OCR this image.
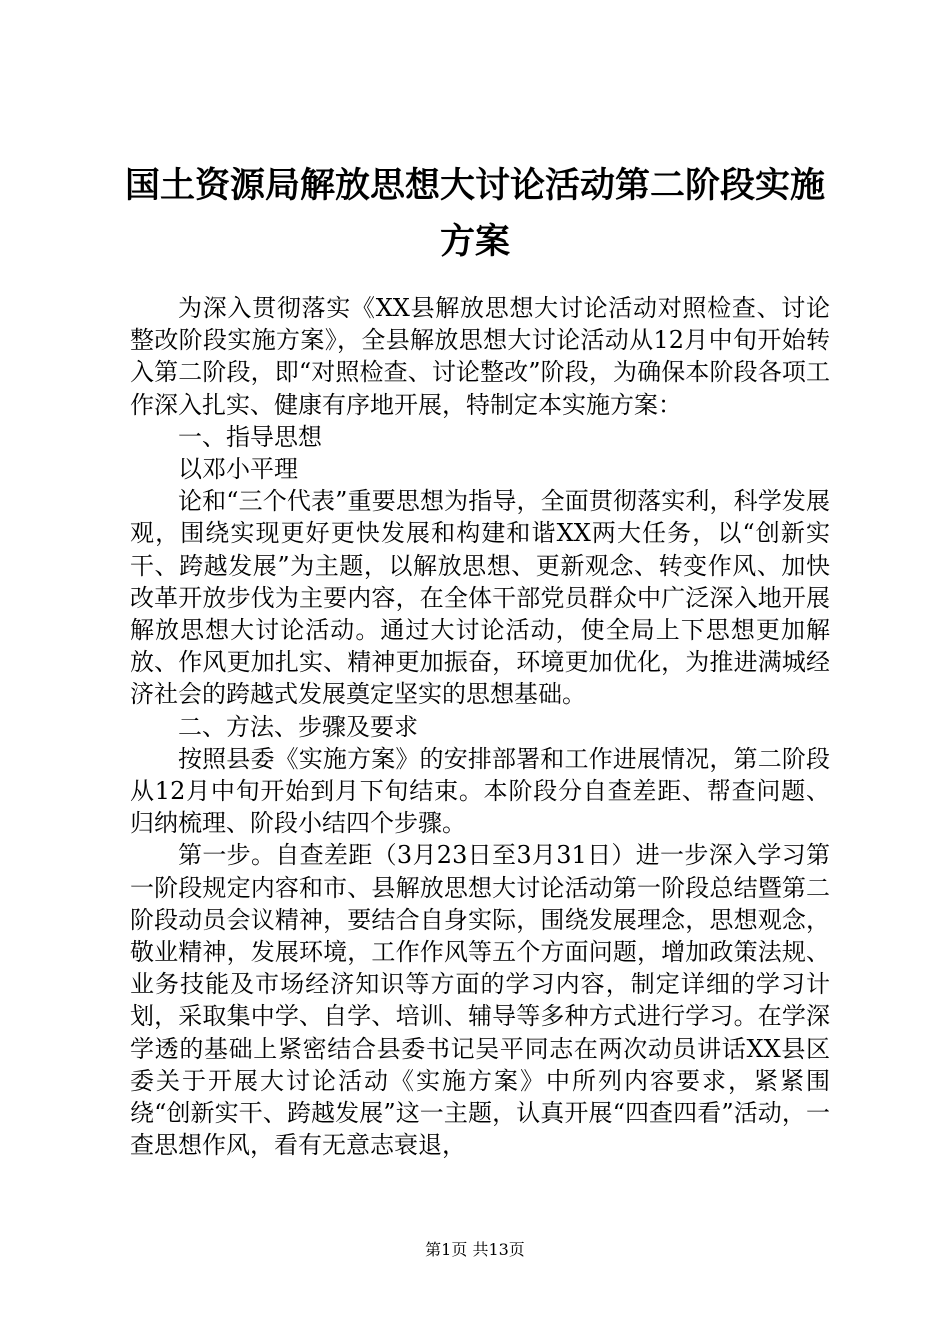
国土资源局解放思想大讨论活动第二阶段实施方案

为深入贯彻落实《XX县解放思想大讨论活动对照检查、讨论整改阶段实施方案》，全县解放思想大讨论活动从12月中旬开始转入第二阶段，即“对照检查、讨论整改”阶段，为确保本阶段各项工作深入扎实、健康有序地开展，特制定本实施方案：

一、指导思想

以邓小平理

论和“三个代表”重要思想为指导，全面贯彻落实利，科学发展观，围绕实现更好更快发展和构建和谐XX两大任务，以“创新实干、跨越发展”为主题，以解放思想、更新观念、转变作风、加快改革开放步伐为主要内容，在全体干部党员群众中广泛深入地开展解放思想大讨论活动。通过大讨论活动，使全局上下思想更加解放、作风更加扎实、精神更加振奋，环境更加优化，为推进满城经济社会的跨越式发展奠定坚实的思想基础。

二、方法、步骤及要求

按照县委《实施方案》的安排部署和工作进展情况，第二阶段从12月中旬开始到月下旬结束。本阶段分自查差距、帮查问题、归纳梳理、阶段小结四个步骤。

第一步。自查差距（3月23日至3月31日）进一步深入学习第一阶段规定内容和市、县解放思想大讨论活动第一阶段总结暨第二阶段动员会议精神，要结合自身实际，围绕发展理念，思想观念，敬业精神，发展环境，工作作风等五个方面问题，增加政策法规、业务技能及市场经济知识等方面的学习内容，制定详细的学习计划，采取集中学、自学、培训、辅导等多种方式进行学习。在学深学透的基础上紧密结合县委书记吴平同志在两次动员讲话XX县区委关于开展大讨论活动《实施方案》中所列内容要求，紧紧围绕“创新实干、跨越发展”这一主题，认真开展“四查四看”活动，一查思想作风，看有无意志衰退，

第1页 共13页
